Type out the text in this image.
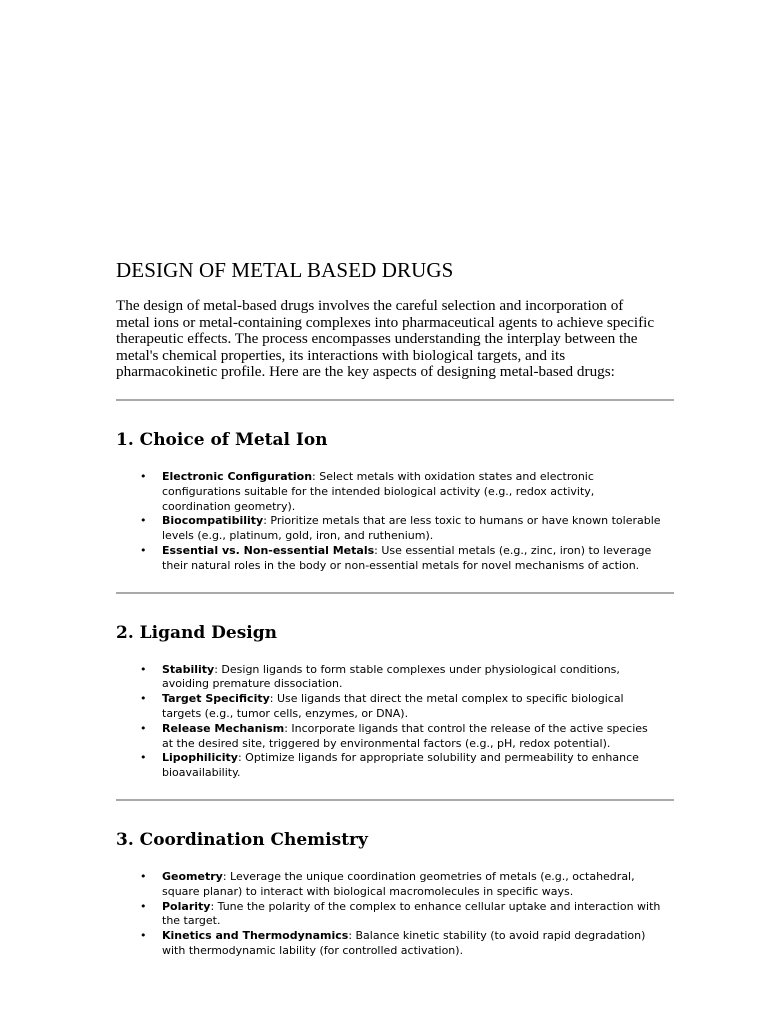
DESIGN OF METAL BASED DRUGS

The design of metal-based drugs involves the careful selection and incorporation of metal ions or metal-containing complexes into pharmaceutical agents to achieve specific therapeutic effects. The process encompasses understanding the interplay between the metal's chemical properties, its interactions with biological targets, and its pharmacokinetic profile. Here are the key aspects of designing metal-based drugs:

1. Choice of Metal Ion
• Electronic Configuration: Select metals with oxidation states and electronic configurations suitable for the intended biological activity (e.g., redox activity, coordination geometry).
• Biocompatibility: Prioritize metals that are less toxic to humans or have known tolerable levels (e.g., platinum, gold, iron, and ruthenium).
• Essential vs. Non-essential Metals: Use essential metals (e.g., zinc, iron) to leverage their natural roles in the body or non-essential metals for novel mechanisms of action.
2. Ligand Design
• Stability: Design ligands to form stable complexes under physiological conditions, avoiding premature dissociation.
• Target Specificity: Use ligands that direct the metal complex to specific biological targets (e.g., tumor cells, enzymes, or DNA).
• Release Mechanism: Incorporate ligands that control the release of the active species at the desired site, triggered by environmental factors (e.g., pH, redox potential).
• Lipophilicity: Optimize ligands for appropriate solubility and permeability to enhance bioavailability.
3. Coordination Chemistry
• Geometry: Leverage the unique coordination geometries of metals (e.g., octahedral, square planar) to interact with biological macromolecules in specific ways.
• Polarity: Tune the polarity of the complex to enhance cellular uptake and interaction with the target.
• Kinetics and Thermodynamics: Balance kinetic stability (to avoid rapid degradation) with thermodynamic lability (for controlled activation).
